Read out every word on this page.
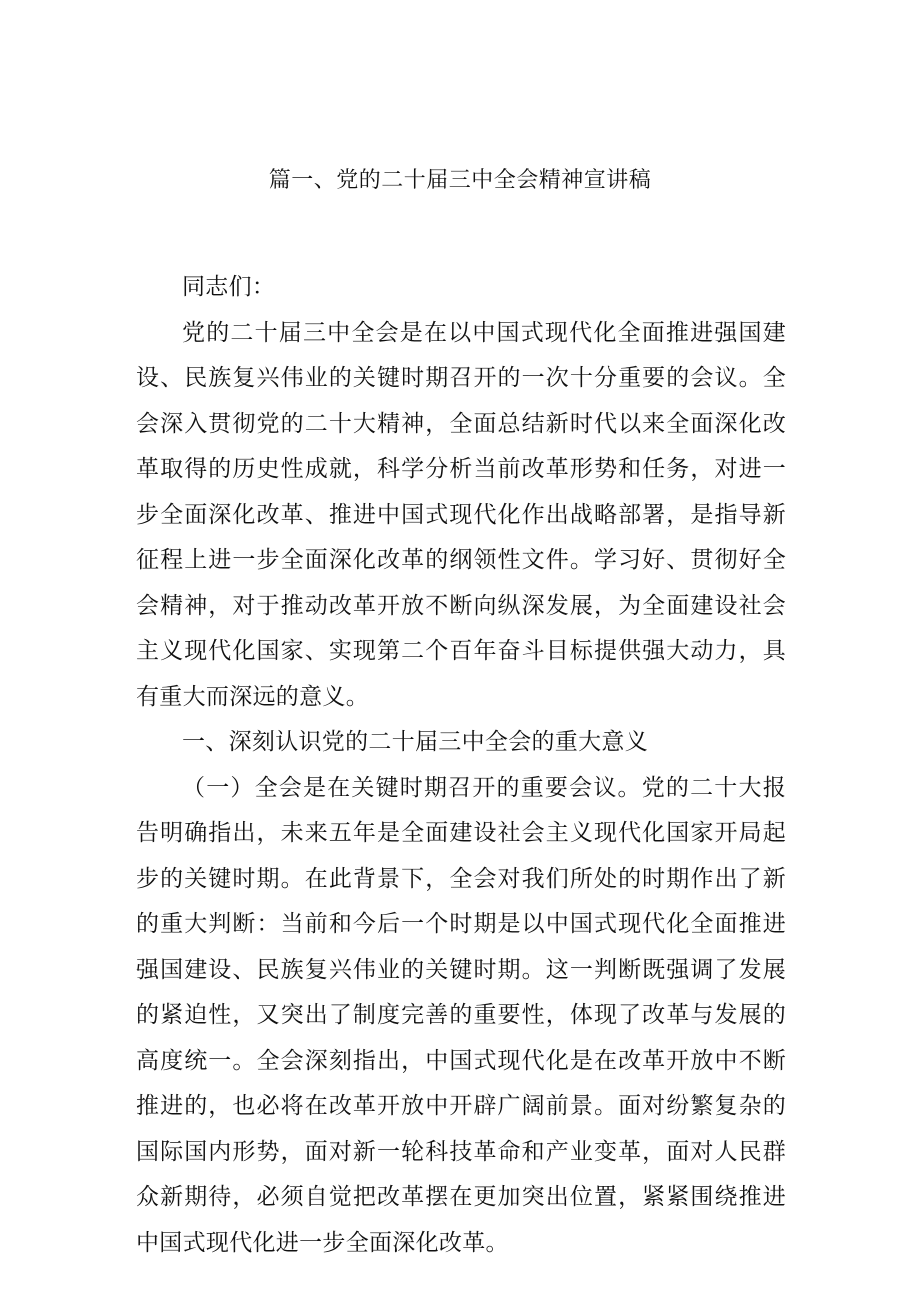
篇一、党的二十届三中全会精神宣讲稿

同志们：

党的二十届三中全会是在以中国式现代化全面推进强国建设、民族复兴伟业的关键时期召开的一次十分重要的会议。全会深入贯彻党的二十大精神，全面总结新时代以来全面深化改革取得的历史性成就，科学分析当前改革形势和任务，对进一步全面深化改革、推进中国式现代化作出战略部署，是指导新征程上进一步全面深化改革的纲领性文件。学习好、贯彻好全会精神，对于推动改革开放不断向纵深发展，为全面建设社会主义现代化国家、实现第二个百年奋斗目标提供强大动力，具有重大而深远的意义。

一、深刻认识党的二十届三中全会的重大意义

（一）全会是在关键时期召开的重要会议。党的二十大报告明确指出，未来五年是全面建设社会主义现代化国家开局起步的关键时期。在此背景下，全会对我们所处的时期作出了新的重大判断：当前和今后一个时期是以中国式现代化全面推进强国建设、民族复兴伟业的关键时期。这一判断既强调了发展的紧迫性，又突出了制度完善的重要性，体现了改革与发展的高度统一。全会深刻指出，中国式现代化是在改革开放中不断推进的，也必将在改革开放中开辟广阔前景。面对纷繁复杂的国际国内形势，面对新一轮科技革命和产业变革，面对人民群众新期待，必须自觉把改革摆在更加突出位置，紧紧围绕推进中国式现代化进一步全面深化改革。
